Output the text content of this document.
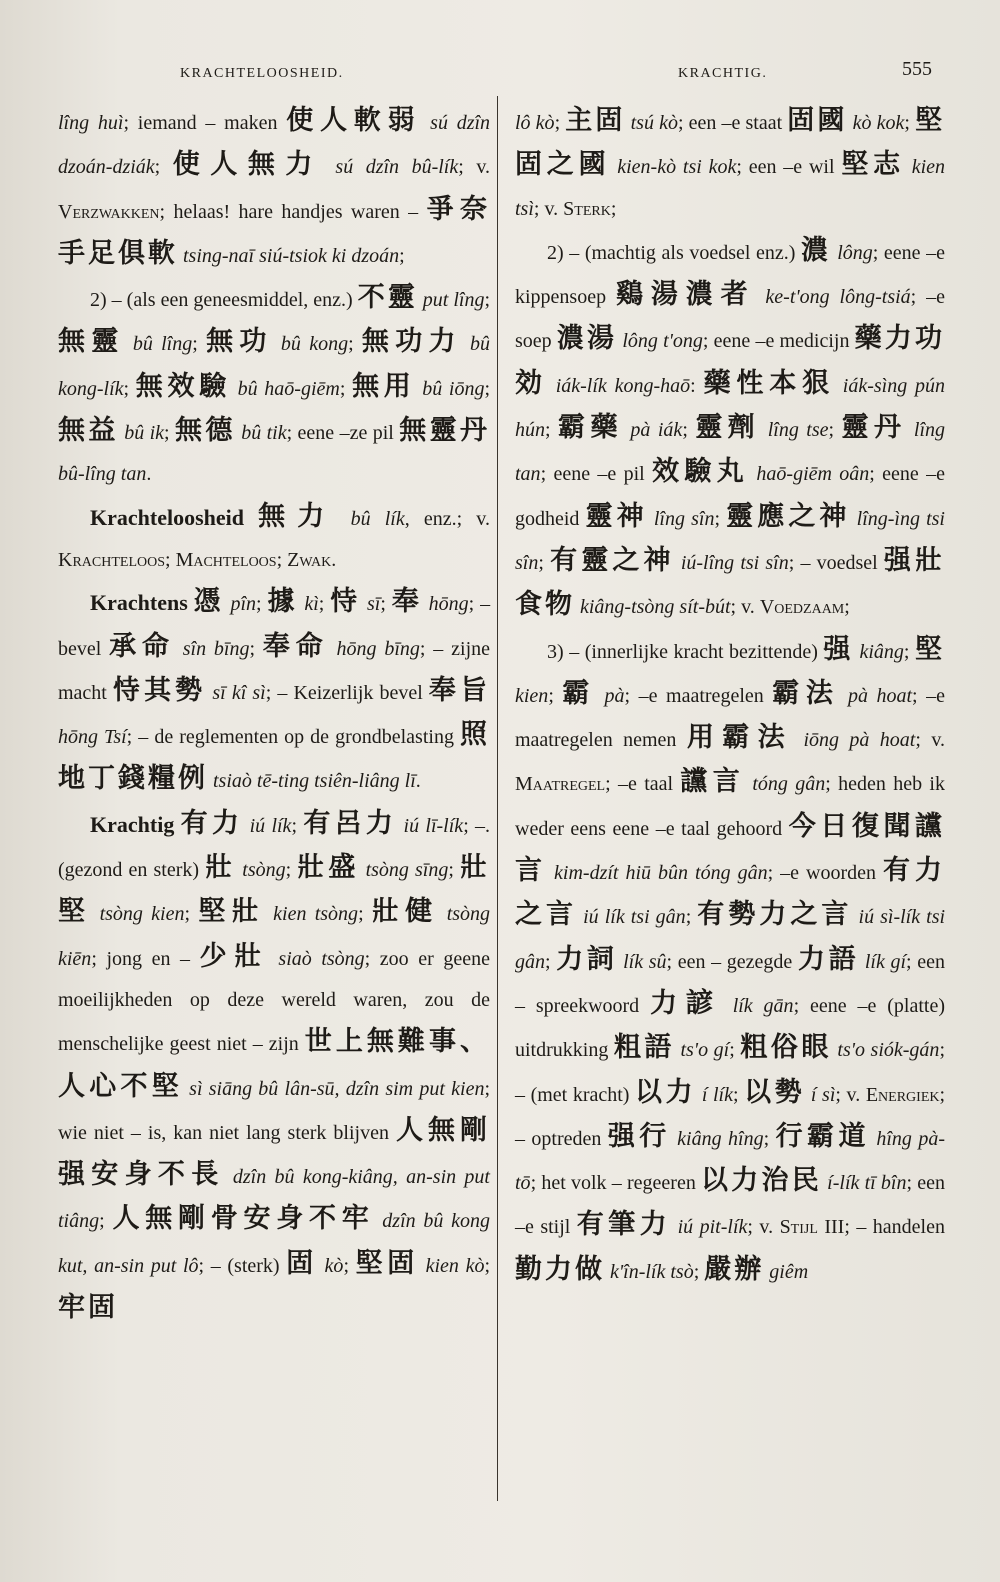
KRACHTELOOSHEID.	KRACHTIG.	555

lîng huì; iemand – maken 使人軟弱 sú dzîn dzoán-dziák; 使人無力 sú dzîn bû-lík; v. Verzwakken; helaas! hare handjes waren – 爭奈手足俱軟 tsing-naī siú-tsiok ki dzoán;

2) – (als een geneesmiddel, enz.) 不靈 put lîng; 無靈 bû lîng; 無功 bû kong; 無功力 bû kong-lík; 無效驗 bû haō-giēm; 無用 bû iōng; 無益 bû ik; 無德 bû tik; eene –ze pil 無靈丹 bû-lîng tan.

Krachteloosheid 無力 bû lík, enz.; v. Krachteloos; Machteloos; Zwak.

Krachtens 憑 pîn; 據 kì; 恃 sī; 奉 hōng; – bevel 承命 sîn bīng; 奉命 hōng bīng; – zijne macht 恃其勢 sī kî sì; – Keizerlijk bevel 奉旨 hōng Tsí; – de reglementen op de grondbelasting 照地丁錢糧例 tsiaò tē-ting tsiên-liâng lī.

Krachtig 有力 iú lík; 有呂力 iú lī-lík; –. (gezond en sterk) 壯 tsòng; 壯盛 tsòng sīng; 壯堅 tsòng kien; 堅壯 kien tsòng; 壯健 tsòng kiēn; jong en – 少壯 siaò tsòng; zoo er geene moeilijkheden op deze wereld waren, zou de menschelijke geest niet – zijn 世上無難事、人心不堅 sì siāng bû lân-sū, dzîn sim put kien; wie niet – is, kan niet lang sterk blijven 人無剛强安身不長 dzîn bû kong-kiâng, an-sin put tiâng; 人無剛骨安身不牢 dzîn bû kong kut, an-sin put lô; – (sterk) 固 kò; 堅固 kien kò; 牢固

lô kò; 主固 tsú kò; een –e staat 固國 kò kok; 堅固之國 kien-kò tsi kok; een –e wil 堅志 kien tsì; v. Sterk;

2) – (machtig als voedsel enz.) 濃 lông; eene –e kippensoep 鷄湯濃者 ke-t'ong lông-tsiá; –e soep 濃湯 lông t'ong; eene –e medicijn 藥力功効 iák-lík kong-haō: 藥性本狠 iák-sìng pún hún; 霸藥 pà iák; 靈劑 lîng tse; 靈丹 lîng tan; eene –e pil 效驗丸 haō-giēm oân; eene –e godheid 靈神 lîng sîn; 靈應之神 lîng-ìng tsi sîn; 有靈之神 iú-lîng tsi sîn; – voedsel 强壯食物 kiâng-tsòng sít-bút; v. Voedzaam;

3) – (innerlijke kracht bezittende) 强 kiâng; 堅 kien; 霸 pà; –e maatregelen 霸法 pà hoat; –e maatregelen nemen 用霸法 iōng pà hoat; v. Maatregel; –e taal 讜言 tóng gân; heden heb ik weder eens eene –e taal gehoord 今日復聞讜言 kim-dzít hiū bûn tóng gân; –e woorden 有力之言 iú lík tsi gân; 有勢力之言 iú sì-lík tsi gân; 力詞 lík sû; een – gezegde 力語 lík gí; een – spreekwoord 力諺 lík gān; eene –e (platte) uitdrukking 粗語 ts'o gí; 粗俗眼 ts'o siók-gán; – (met kracht) 以力 í lík; 以勢 í sì; v. Energiek; – optreden 强行 kiâng hîng; 行霸道 hîng pà-tō; het volk – regeeren 以力治民 í-lík tī bîn; een –e stijl 有筆力 iú pit-lík; v. Stijl III; – handelen 勤力做 k'în-lík tsò; 嚴辦 giêm
